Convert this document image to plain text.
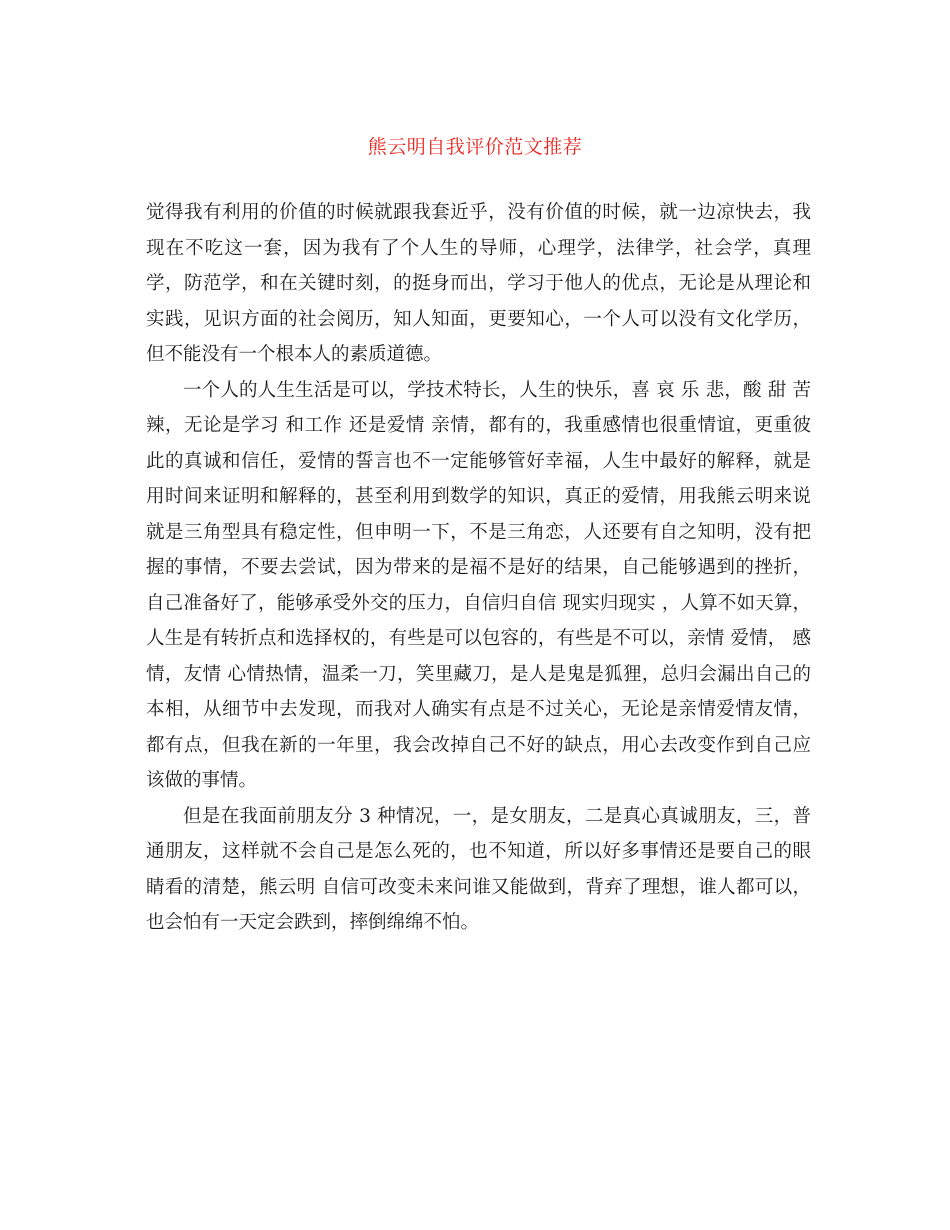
熊云明自我评价范文推荐
觉得我有利用的价值的时候就跟我套近乎，没有价值的时候，就一边凉快去，我
现在不吃这一套，因为我有了个人生的导师，心理学，法律学，社会学，真理
学，防范学，和在关键时刻，的挺身而出，学习于他人的优点，无论是从理论和
实践，见识方面的社会阅历，知人知面，更要知心，一个人可以没有文化学历，
但不能没有一个根本人的素质道德。
一个人的人生生活是可以，学技术特长，人生的快乐，喜 哀 乐 悲，酸 甜 苦
辣，无论是学习 和工作 还是爱情 亲情，都有的，我重感情也很重情谊，更重彼
此的真诚和信任，爱情的誓言也不一定能够管好幸福，人生中最好的解释，就是
用时间来证明和解释的，甚至利用到数学的知识，真正的爱情，用我熊云明来说
就是三角型具有稳定性，但申明一下，不是三角恋，人还要有自之知明，没有把
握的事情，不要去尝试，因为带来的是福不是好的结果，自己能够遇到的挫折，
自己准备好了，能够承受外交的压力，自信归自信 现实归现实 ，人算不如天算，
人生是有转折点和选择权的，有些是可以包容的，有些是不可以，亲情 爱情， 感
情，友情 心情热情，温柔一刀，笑里藏刀，是人是鬼是狐狸，总归会漏出自己的
本相，从细节中去发现，而我对人确实有点是不过关心，无论是亲情爱情友情，
都有点，但我在新的一年里，我会改掉自己不好的缺点，用心去改变作到自己应
该做的事情。
但是在我面前朋友分 3 种情况，一，是女朋友，二是真心真诚朋友，三，普
通朋友，这样就不会自己是怎么死的，也不知道，所以好多事情还是要自己的眼
睛看的清楚，熊云明 自信可改变未来问谁又能做到，背弃了理想，谁人都可以，
也会怕有一天定会跌到，摔倒绵绵不怕。
